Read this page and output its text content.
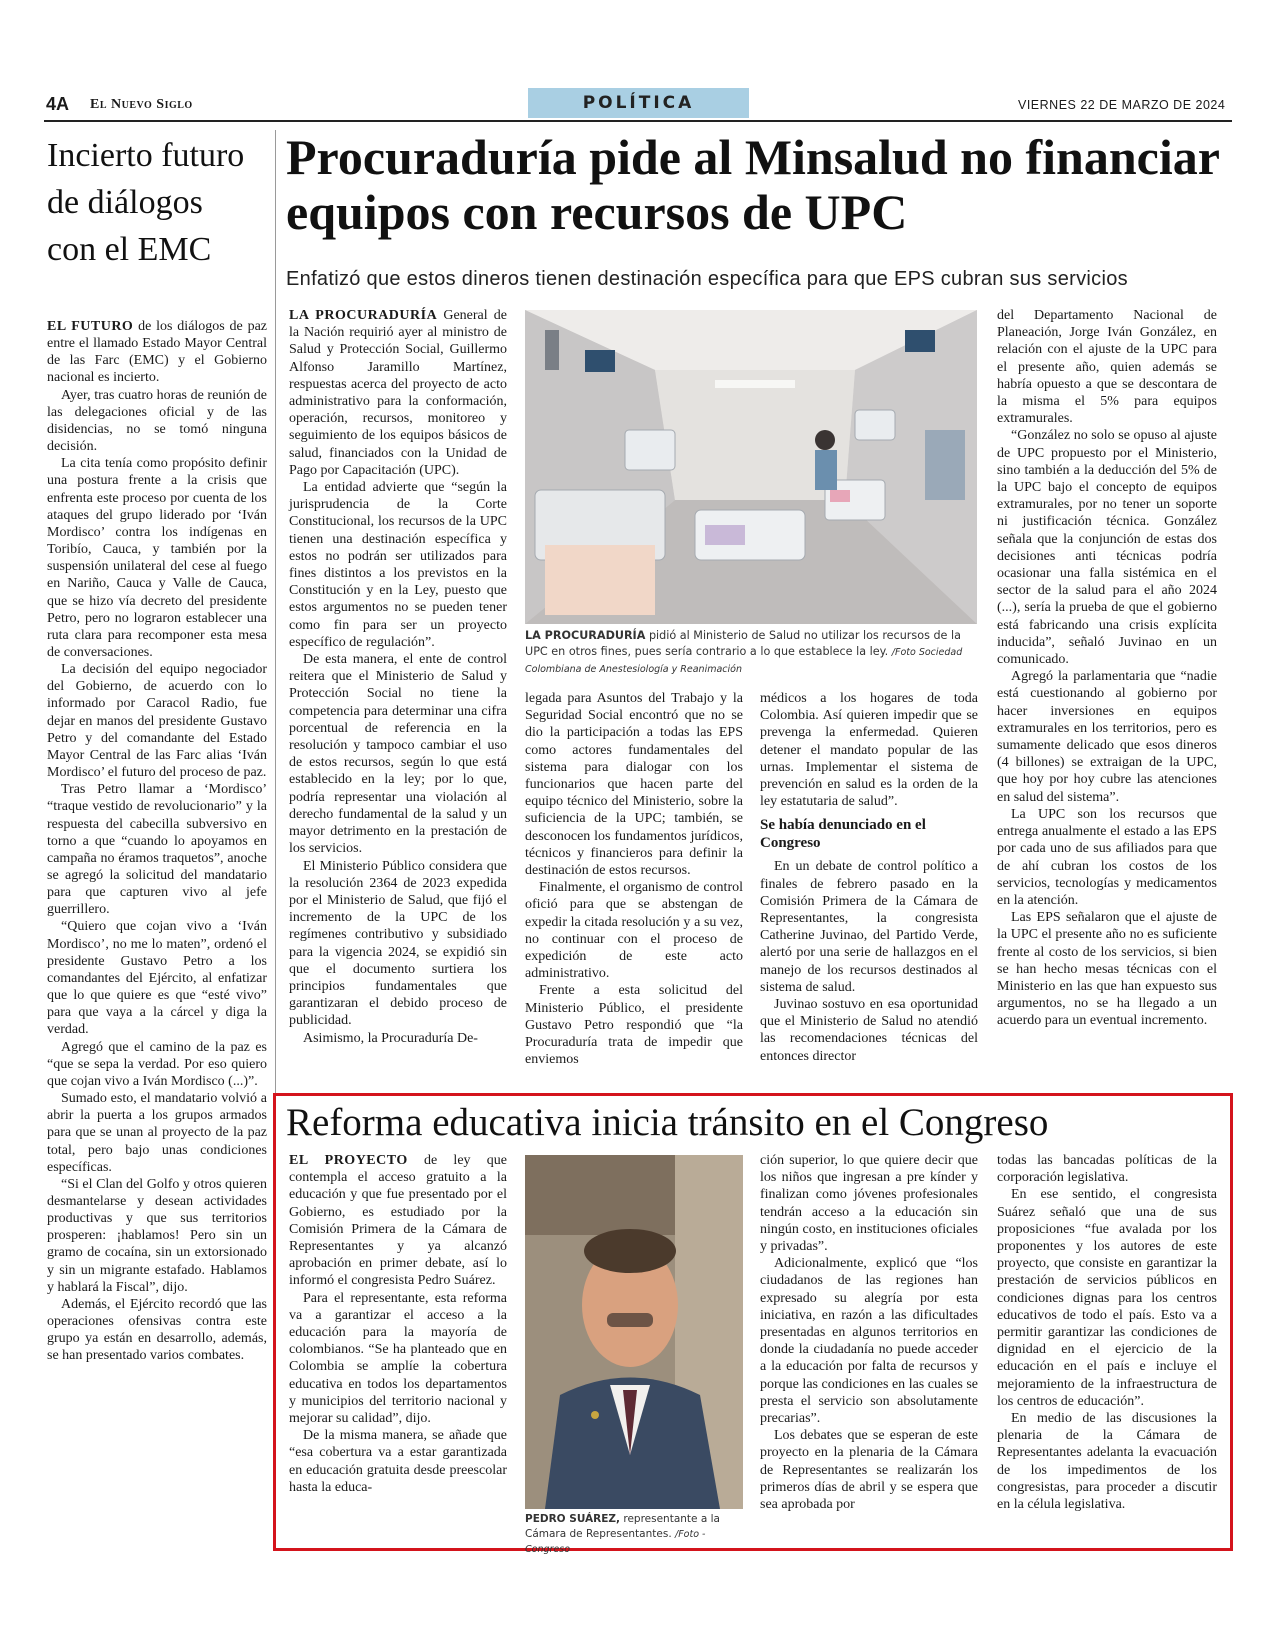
4A El Nuevo Siglo	POLÍTICA	VIERNES 22 DE MARZO DE 2024
Incierto futuro de diálogos con el EMC

EL FUTURO de los diálogos de paz entre el llamado Estado Mayor Central de las Farc (EMC) y el Gobierno nacional es incierto.

Ayer, tras cuatro horas de reunión de las delegaciones oficial y de las disidencias, no se tomó ninguna decisión.

La cita tenía como propósito definir una postura frente a la crisis que enfrenta este proceso por cuenta de los ataques del grupo liderado por ‘Iván Mordisco’ contra los indígenas en Toribío, Cauca, y también por la suspensión unilateral del cese al fuego en Nariño, Cauca y Valle de Cauca, que se hizo vía decreto del presidente Petro, pero no lograron establecer una ruta clara para recomponer esta mesa de conversaciones.

La decisión del equipo negociador del Gobierno, de acuerdo con lo informado por Caracol Radio, fue dejar en manos del presidente Gustavo Petro y del comandante del Estado Mayor Central de las Farc alias ‘Iván Mordisco’ el futuro del proceso de paz.

Tras Petro llamar a ‘Mordisco’ “traque vestido de revolucionario” y la respuesta del cabecilla subversivo en torno a que “cuando lo apoyamos en campaña no éramos traquetos”, anoche se agregó la solicitud del mandatario para que capturen vivo al jefe guerrillero.

“Quiero que cojan vivo a ‘Iván Mordisco’, no me lo maten”, ordenó el presidente Gustavo Petro a los comandantes del Ejército, al enfatizar que lo que quiere es que “esté vivo” para que vaya a la cárcel y diga la verdad.

Agregó que el camino de la paz es “que se sepa la verdad. Por eso quiero que cojan vivo a Iván Mordisco (...)”.

Sumado esto, el mandatario volvió a abrir la puerta a los grupos armados para que se unan al proyecto de la paz total, pero bajo unas condiciones específicas.

“Si el Clan del Golfo y otros quieren desmantelarse y desean actividades productivas y que sus territorios prosperen: ¡hablamos! Pero sin un gramo de cocaína, sin un extorsionado y sin un migrante estafado. Hablamos y hablará la Fiscal”, dijo.

Además, el Ejército recordó que las operaciones ofensivas contra este grupo ya están en desarrollo, además, se han presentado varios combates.

Procuraduría pide al Minsalud no financiar equipos con recursos de UPC
Enfatizó que estos dineros tienen destinación específica para que EPS cubran sus servicios

LA PROCURADURÍA General de la Nación requirió ayer al ministro de Salud y Protección Social, Guillermo Alfonso Jaramillo Martínez, respuestas acerca del proyecto de acto administrativo para la conformación, operación, recursos, monitoreo y seguimiento de los equipos básicos de salud, financiados con la Unidad de Pago por Capacitación (UPC).

La entidad advierte que “según la jurisprudencia de la Corte Constitucional, los recursos de la UPC tienen una destinación específica y estos no podrán ser utilizados para fines distintos a los previstos en la Constitución y en la Ley, puesto que estos argumentos no se pueden tener como fin para ser un proyecto específico de regulación”.

De esta manera, el ente de control reitera que el Ministerio de Salud y Protección Social no tiene la competencia para determinar una cifra porcentual de referencia en la resolución y tampoco cambiar el uso de estos recursos, según lo que está establecido en la ley; por lo que, podría representar una violación al derecho fundamental de la salud y un mayor detrimento en la prestación de los servicios.

El Ministerio Público considera que la resolución 2364 de 2023 expedida por el Ministerio de Salud, que fijó el incremento de la UPC de los regímenes contributivo y subsidiado para la vigencia 2024, se expidió sin que el documento surtiera los principios fundamentales que garantizaran el debido proceso de publicidad.

Asimismo, la Procuraduría De-

LA PROCURADURÍA pidió al Ministerio de Salud no utilizar los recursos de la UPC en otros fines, pues sería contrario a lo que establece la ley. /Foto Sociedad Colombiana de Anestesiología y Reanimación

legada para Asuntos del Trabajo y la Seguridad Social encontró que no se dio la participación a todas las EPS como actores fundamentales del sistema para dialogar con los funcionarios que hacen parte del equipo técnico del Ministerio, sobre la suficiencia de la UPC; también, se desconocen los fundamentos jurídicos, técnicos y financieros para definir la destinación de estos recursos.

Finalmente, el organismo de control ofició para que se abstengan de expedir la citada resolución y a su vez, no continuar con el proceso de expedición de este acto administrativo.

Frente a esta solicitud del Ministerio Público, el presidente Gustavo Petro respondió que “la Procuraduría trata de impedir que enviemos

médicos a los hogares de toda Colombia. Así quieren impedir que se prevenga la enfermedad. Quieren detener el mandato popular de las urnas. Implementar el sistema de prevención en salud es la orden de la ley estatutaria de salud”.

Se había denunciado en el Congreso

En un debate de control político a finales de febrero pasado en la Comisión Primera de la Cámara de Representantes, la congresista Catherine Juvinao, del Partido Verde, alertó por una serie de hallazgos en el manejo de los recursos destinados al sistema de salud.

Juvinao sostuvo en esa oportunidad que el Ministerio de Salud no atendió las recomendaciones técnicas del entonces director

del Departamento Nacional de Planeación, Jorge Iván González, en relación con el ajuste de la UPC para el presente año, quien además se habría opuesto a que se descontara de la misma el 5% para equipos extramurales.

“González no solo se opuso al ajuste de UPC propuesto por el Ministerio, sino también a la deducción del 5% de la UPC bajo el concepto de equipos extramurales, por no tener un soporte ni justificación técnica. González señala que la conjunción de estas dos decisiones anti técnicas podría ocasionar una falla sistémica en el sector de la salud para el año 2024 (...), sería la prueba de que el gobierno está fabricando una crisis explícita inducida”, señaló Juvinao en un comunicado.

Agregó la parlamentaria que “nadie está cuestionando al gobierno por hacer inversiones en equipos extramurales en los territorios, pero es sumamente delicado que esos dineros (4 billones) se extraigan de la UPC, que hoy por hoy cubre las atenciones en salud del sistema”.

La UPC son los recursos que entrega anualmente el estado a las EPS por cada uno de sus afiliados para que de ahí cubran los costos de los servicios, tecnologías y medicamentos en la atención.

Las EPS señalaron que el ajuste de la UPC el presente año no es suficiente frente al costo de los servicios, si bien se han hecho mesas técnicas con el Ministerio en las que han expuesto sus argumentos, no se ha llegado a un acuerdo para un eventual incremento.

Reforma educativa inicia tránsito en el Congreso

EL PROYECTO de ley que contempla el acceso gratuito a la educación y que fue presentado por el Gobierno, es estudiado por la Comisión Primera de la Cámara de Representantes y ya alcanzó aprobación en primer debate, así lo informó el congresista Pedro Suárez.

Para el representante, esta reforma va a garantizar el acceso a la educación para la mayoría de colombianos. “Se ha planteado que en Colombia se amplíe la cobertura educativa en todos los departamentos y municipios del territorio nacional y mejorar su calidad”, dijo.

De la misma manera, se añade que “esa cobertura va a estar garantizada en educación gratuita desde preescolar hasta la educa-

PEDRO SUÁREZ, representante a la Cámara de Representantes. /Foto - Congreso

ción superior, lo que quiere decir que los niños que ingresan a pre kínder y finalizan como jóvenes profesionales tendrán acceso a la educación sin ningún costo, en instituciones oficiales y privadas”.

Adicionalmente, explicó que “los ciudadanos de las regiones han expresado su alegría por esta iniciativa, en razón a las dificultades presentadas en algunos territorios en donde la ciudadanía no puede acceder a la educación por falta de recursos y porque las condiciones en las cuales se presta el servicio son absolutamente precarias”.

Los debates que se esperan de este proyecto en la plenaria de la Cámara de Representantes se realizarán los primeros días de abril y se espera que sea aprobada por

todas las bancadas políticas de la corporación legislativa.

En ese sentido, el congresista Suárez señaló que una de sus proposiciones “fue avalada por los proponentes y los autores de este proyecto, que consiste en garantizar la prestación de servicios públicos en condiciones dignas para los centros educativos de todo el país. Esto va a permitir garantizar las condiciones de dignidad en el ejercicio de la educación en el país e incluye el mejoramiento de la infraestructura de los centros de educación”.

En medio de las discusiones la plenaria de la Cámara de Representantes adelanta la evacuación de los impedimentos de los congresistas, para proceder a discutir en la célula legislativa.
